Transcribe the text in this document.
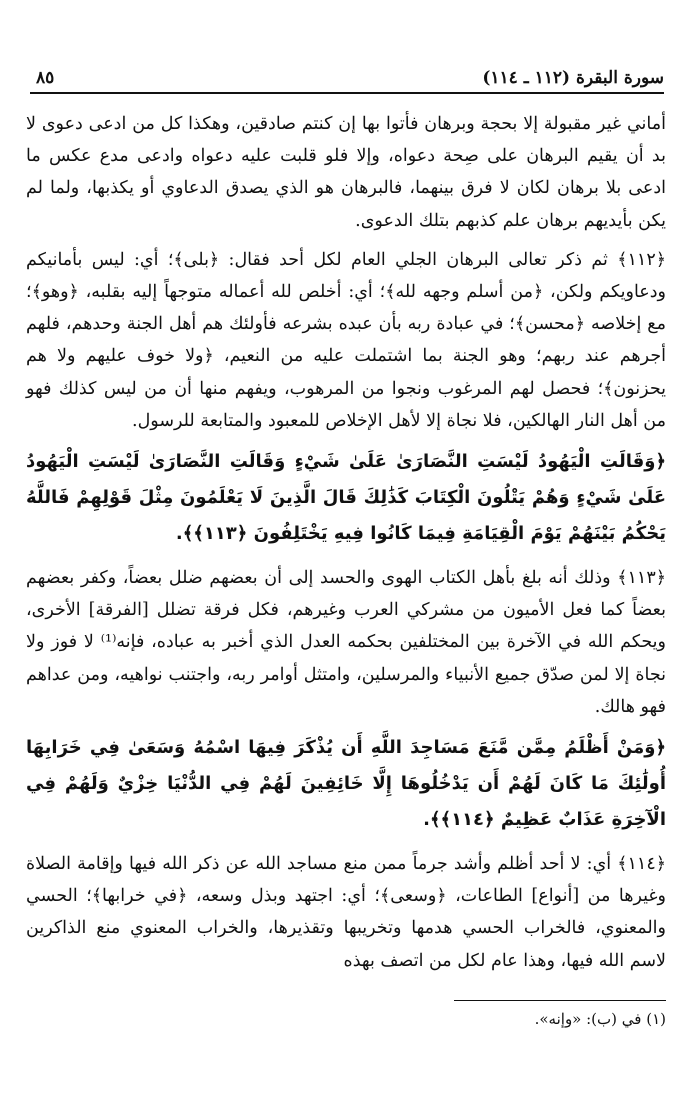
سورة البقرة (١١٢ ـ ١١٤)
٨٥

أماني غير مقبولة إلا بحجة وبرهان فأتوا بها إن كنتم صادقين، وهكذا كل من ادعى دعوى لا بد أن يقيم البرهان على صِحة دعواه، وإلا فلو قلبت عليه دعواه وادعى مدع عكس ما ادعى بلا برهان لكان لا فرق بينهما، فالبرهان هو الذي يصدق الدعاوي أو يكذبها، ولما لم يكن بأيديهم برهان علم كذبهم بتلك الدعوى.

﴿١١٢﴾ ثم ذكر تعالى البرهان الجلي العام لكل أحد فقال: ﴿بلى﴾؛ أي: ليس بأمانيكم ودعاويكم ولكن، ﴿من أسلم وجهه لله﴾؛ أي: أخلص لله أعماله متوجهاً إليه بقلبه، ﴿وهو﴾؛ مع إخلاصه ﴿محسن﴾؛ في عبادة ربه بأن عبده بشرعه فأولئك هم أهل الجنة وحدهم، فلهم أجرهم عند ربهم؛ وهو الجنة بما اشتملت عليه من النعيم، ﴿ولا خوف عليهم ولا هم يحزنون﴾؛ فحصل لهم المرغوب ونجوا من المرهوب، ويفهم منها أن من ليس كذلك فهو من أهل النار الهالكين، فلا نجاة إلا لأهل الإخلاص للمعبود والمتابعة للرسول.

﴿وَقَالَتِ الْيَهُودُ لَيْسَتِ النَّصَارَىٰ عَلَىٰ شَيْءٍ وَقَالَتِ النَّصَارَىٰ لَيْسَتِ الْيَهُودُ عَلَىٰ شَيْءٍ وَهُمْ يَتْلُونَ الْكِتَابَ كَذَٰلِكَ قَالَ الَّذِينَ لَا يَعْلَمُونَ مِثْلَ قَوْلِهِمْ فَاللَّهُ يَحْكُمُ بَيْنَهُمْ يَوْمَ الْقِيَامَةِ فِيمَا كَانُوا فِيهِ يَخْتَلِفُونَ ﴿١١٣﴾﴾.

﴿١١٣﴾ وذلك أنه بلغ بأهل الكتاب الهوى والحسد إلى أن بعضهم ضلل بعضاً، وكفر بعضهم بعضاً كما فعل الأميون من مشركي العرب وغيرهم، فكل فرقة تضلل [الفرقة] الأخرى، ويحكم الله في الآخرة بين المختلفين بحكمه العدل الذي أخبر به عباده، فإنه⁽¹⁾ لا فوز ولا نجاة إلا لمن صدّق جميع الأنبياء والمرسلين، وامتثل أوامر ربه، واجتنب نواهيه، ومن عداهم فهو هالك.

﴿وَمَنْ أَظْلَمُ مِمَّن مَّنَعَ مَسَاجِدَ اللَّهِ أَن يُذْكَرَ فِيهَا اسْمُهُ وَسَعَىٰ فِي خَرَابِهَا أُولَٰئِكَ مَا كَانَ لَهُمْ أَن يَدْخُلُوهَا إِلَّا خَائِفِينَ لَهُمْ فِي الدُّنْيَا خِزْيٌ وَلَهُمْ فِي الْآخِرَةِ عَذَابٌ عَظِيمٌ ﴿١١٤﴾﴾.

﴿١١٤﴾ أي: لا أحد أظلم وأشد جرماً ممن منع مساجد الله عن ذكر الله فيها وإقامة الصلاة وغيرها من [أنواع] الطاعات، ﴿وسعى﴾؛ أي: اجتهد وبذل وسعه، ﴿في خرابها﴾؛ الحسي والمعنوي، فالخراب الحسي هدمها وتخريبها وتقذيرها، والخراب المعنوي منع الذاكرين لاسم الله فيها، وهذا عام لكل من اتصف بهذه

(١) في (ب): «وإنه».
